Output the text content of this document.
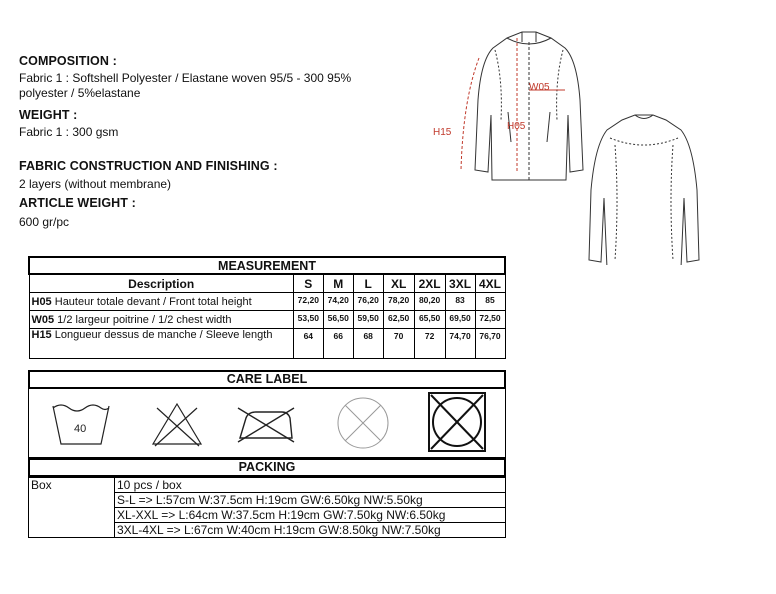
COMPOSITION :
Fabric 1 : Softshell Polyester / Elastane woven 95/5 - 300 95%
polyester / 5%elastane
WEIGHT :
Fabric 1 : 300 gsm
FABRIC CONSTRUCTION AND FINISHING :
2 layers (without membrane)
ARTICLE WEIGHT :
600 gr/pc
W05
H05
H15
MEASUREMENT							
Description	S	M	L	XL	2XL	3XL	4XL
H05 Hauteur totale devant / Front total height	72,20	74,20	76,20	78,20	80,20	83	85
W05 1/2 largeur poitrine / 1/2 chest width	53,50	56,50	59,50	62,50	65,50	69,50	72,50
H15 Longueur dessus de manche / Sleeve length	64	66	68	70	72	74,70	76,70
CARE LABEL
40
PACKING
Box	10 pcs / box
S-L => L:57cm W:37.5cm H:19cm GW:6.50kg NW:5.50kg
XL-XXL => L:64cm W:37.5cm H:19cm GW:7.50kg NW:6.50kg
3XL-4XL => L:67cm W:40cm H:19cm GW:8.50kg NW:7.50kg
